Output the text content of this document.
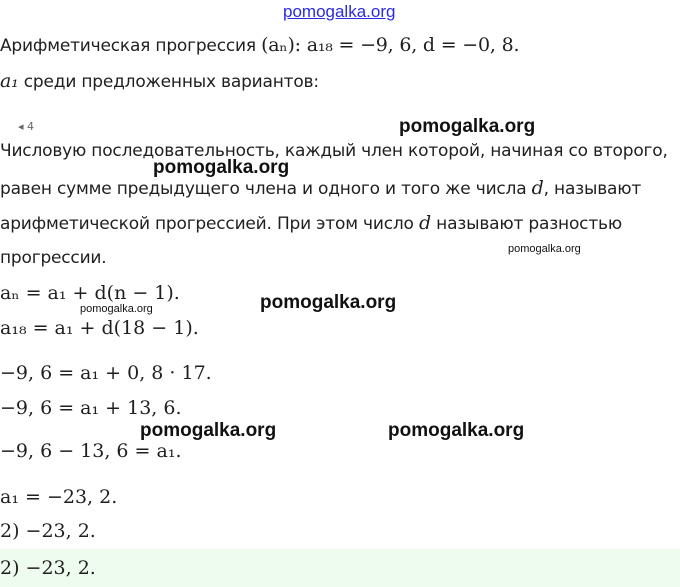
pomogalka.org
Арифметическая прогрессия (aₙ): a₁₈ = −9, 6, d = −0, 8.
a₁ среди предложенных вариантов:
◂ 4
Числовую последовательность, каждый член которой, начиная со второго,
равен сумме предыдущего члена и одного и того же числа d, называют
арифметической прогрессией. При этом число d называют разностью
прогрессии.
aₙ = a₁ + d(n − 1).
a₁₈ = a₁ + d(18 − 1).
−9, 6 = a₁ + 0, 8 · 17.
−9, 6 = a₁ + 13, 6.
−9, 6 − 13, 6 = a₁.
a₁ = −23, 2.
2) −23, 2.
2) −23, 2.
pomogalka.org
pomogalka.org
pomogalka.org
pomogalka.org
pomogalka.org
pomogalka.org	pomogalka.org
